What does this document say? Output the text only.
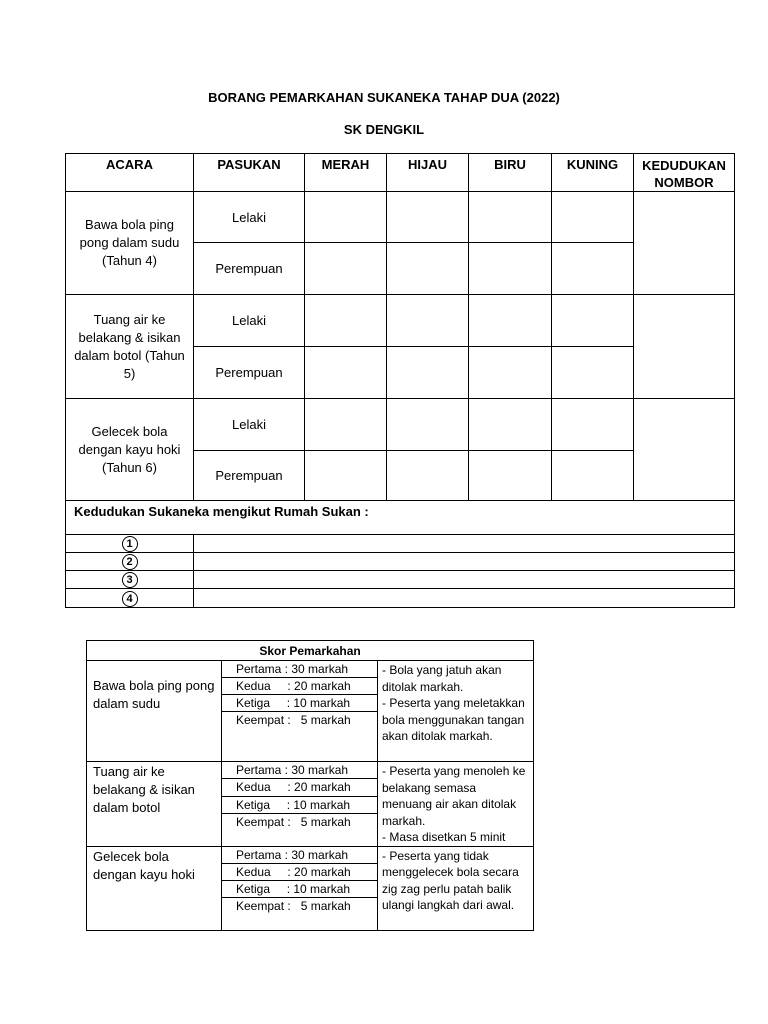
BORANG PEMARKAHAN SUKANEKA TAHAP DUA (2022)
SK DENGKIL
ACARA	PASUKAN	MERAH	HIJAU	BIRU	KUNING	KEDUDUKAN NOMBOR
Bawa bola ping pong dalam sudu (Tahun 4)	Lelaki					
	Perempuan					
Tuang air ke belakang & isikan dalam botol (Tahun 5)	Lelaki					
	Perempuan					
Gelecek bola dengan kayu hoki (Tahun 6)	Lelaki					
	Perempuan					
Kedudukan Sukaneka mengikut Rumah Sukan :						
1						
2						
3						
4						
Skor Pemarkahan		
Bawa bola ping pong dalam sudu	Pertama : 30 markah	- Bola yang jatuh akan ditolak markah.
- Peserta yang meletakkan bola menggunakan tangan akan ditolak markah.

	Kedua     : 20 markah	
	Ketiga     : 10 markah	
	Keempat :   5 markah	
Tuang air ke belakang & isikan dalam botol	Pertama : 30 markah	- Peserta yang menoleh ke belakang semasa menuang air akan ditolak markah.
- Masa disetkan 5 minit

	Kedua     : 20 markah	
	Ketiga     : 10 markah	
	Keempat :   5 markah	
Gelecek bola dengan kayu hoki	Pertama : 30 markah	- Peserta yang tidak menggelecek bola secara zig zag perlu patah balik ulangi langkah dari awal.

	Kedua     : 20 markah	
	Ketiga     : 10 markah	
	Keempat :   5 markah	
